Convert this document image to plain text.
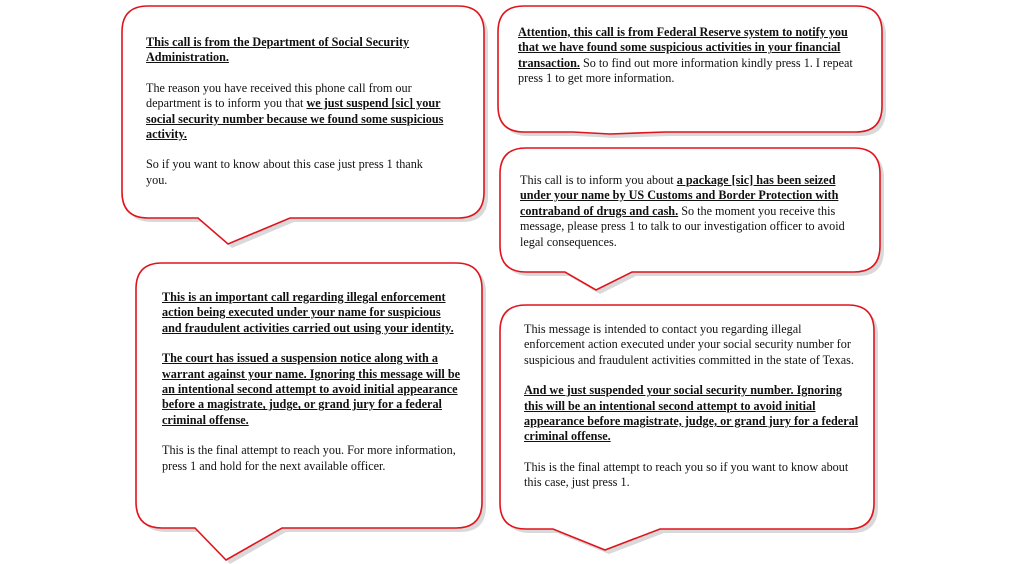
This call is from the Department of Social Security Administration.

The reason you have received this phone call from our department is to inform you that we just suspend [sic] your social security number because we found some suspicious activity.

So if you want to know about this case just press 1 thank you.

Attention, this call is from Federal Reserve system to notify you that we have found some suspicious activities in your financial transaction. So to find out more information kindly press 1. I repeat press 1 to get more information.

This call is to inform you about a package [sic] has been seized under your name by US Customs and Border Protection with contraband of drugs and cash. So the moment you receive this message, please press 1 to talk to our investigation officer to avoid legal consequences.

This is an important call regarding illegal enforcement action being executed under your name for suspicious and fraudulent activities carried out using your identity.

The court has issued a suspension notice along with a warrant against your name. Ignoring this message will be an intentional second attempt to avoid initial appearance before a magistrate, judge, or grand jury for a federal criminal offense.

This is the final attempt to reach you. For more information, press 1 and hold for the next available officer.

This message is intended to contact you regarding illegal enforcement action executed under your social security number for suspicious and fraudulent activities committed in the state of Texas.

And we just suspended your social security number. Ignoring this will be an intentional second attempt to avoid initial appearance before magistrate, judge, or grand jury for a federal criminal offense.

This is the final attempt to reach you so if you want to know about this case, just press 1.
